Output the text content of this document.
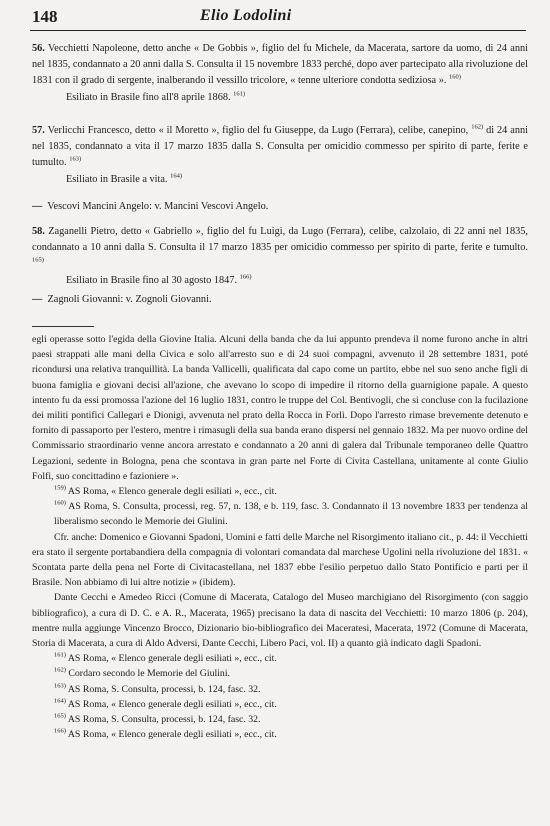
148	Elio Lodolini
56. Vecchietti Napoleone, detto anche « De Gobbis », figlio del fu Michele, da Macerata, sartore da uomo, di 24 anni nel 1835, condannato a 20 anni dalla S. Consulta il 15 novembre 1833 perché, dopo aver partecipato alla rivoluzione del 1831 con il grado di sergente, inalberando il vessillo tricolore, « tenne ulteriore condotta sediziosa ». $^{160)}$
Esiliato in Brasile fino all'8 aprile 1868. $^{161)}$
57. Verlicchi Francesco, detto « il Moretto », figlio del fu Giuseppe, da Lugo (Ferrara), celibe, canepino, $^{162)}$ di 24 anni nel 1835, condannato a vita il 17 marzo 1835 dalla S. Consulta per omicidio commesso per spirito di parte, ferite e tumulto. $^{163)}$
Esiliato in Brasile a vita. $^{164)}$
— Vescovi Mancini Angelo: v. Mancini Vescovi Angelo.
58. Zaganelli Pietro, detto « Gabriello », figlio del fu Luigi, da Lugo (Ferrara), celibe, calzolaio, di 22 anni nel 1835, condannato a 10 anni dalla S. Consulta il 17 marzo 1835 per omicidio commesso per spirito di parte, ferite e tumulto. $^{165)}$
Esiliato in Brasile fino al 30 agosto 1847. $^{166)}$
— Zagnoli Giovanni: v. Zognoli Giovanni.

egli operasse sotto l'egida della Giovine Italia. Alcuni della banda che da lui appunto prendeva il nome furono anche in altri paesi strappati alle mani della Civica e solo all'arresto suo e di 24 suoi compagni, avvenuto il 28 settembre 1831, poté ricondursi una relativa tranquillità. La banda Vallicelli, qualificata dal capo come un partito, ebbe nel suo seno anche figli di buona famiglia e giovani decisi all'azione, che avevano lo scopo di impedire il ritorno della guarnigione papale. A questo intento fu da essi promossa l'azione del 16 luglio 1831, contro le truppe del Col. Bentivogli, che si concluse con la fucilazione dei militi pontifici Callegari e Dionigi, avvenuta nel prato della Rocca in Forlì. Dopo l'arresto rimase brevemente detenuto e fornito di passaporto per l'estero, mentre i rimasugli della sua banda erano dispersi nel gennaio 1832. Ma per nuovo ordine del Commissario straordinario venne ancora arrestato e condannato a 20 anni di galera dal Tribunale temporaneo delle Quattro Legazioni, sedente in Bologna, pena che scontava in gran parte nel Forte di Civita Castellana, unitamente al conte Giulio Folfi, suo concittadino e fazioniere ».

$^{159)}$ AS Roma, « Elenco generale degli esiliati », ecc., cit.

$^{160)}$ AS Roma, S. Consulta, processi, reg. 57, n. 138, e b. 119, fasc. 3. Condannato il 13 novembre 1833 per tendenza al liberalismo secondo le Memorie dei Giulini.

Cfr. anche: Domenico e Giovanni Spadoni, Uomini e fatti delle Marche nel Risorgimento italiano cit., p. 44: il Vecchietti era stato il sergente portabandiera della compagnia di volontari comandata dal marchese Ugolini nella rivoluzione del 1831. « Scontata parte della pena nel Forte di Civitacastellana, nel 1837 ebbe l'esilio perpetuo dallo Stato Pontificio e parti per il Brasile. Non abbiamo di lui altre notizie » (ibidem).

Dante Cecchi e Amedeo Ricci (Comune di Macerata, Catalogo del Museo marchigiano del Risorgimento (con saggio bibliografico), a cura di D. C. e A. R., Macerata, 1965) precisano la data di nascita del Vecchietti: 10 marzo 1806 (p. 204), mentre nulla aggiunge Vincenzo Brocco, Dizionario bio-bibliografico dei Maceratesi, Macerata, 1972 (Comune di Macerata, Storia di Macerata, a cura di Aldo Adversi, Dante Cecchi, Libero Paci, vol. II) a quanto già indicato dagli Spadoni.

$^{161)}$ AS Roma, « Elenco generale degli esiliati », ecc., cit.

$^{162)}$ Cordaro secondo le Memorie del Giulini.

$^{163)}$ AS Roma, S. Consulta, processi, b. 124, fasc. 32.

$^{164)}$ AS Roma, « Elenco generale degli esiliati », ecc., cit.

$^{165)}$ AS Roma, S. Consulta, processi, b. 124, fasc. 32.

$^{166)}$ AS Roma, « Elenco generale degli esiliati », ecc., cit.
